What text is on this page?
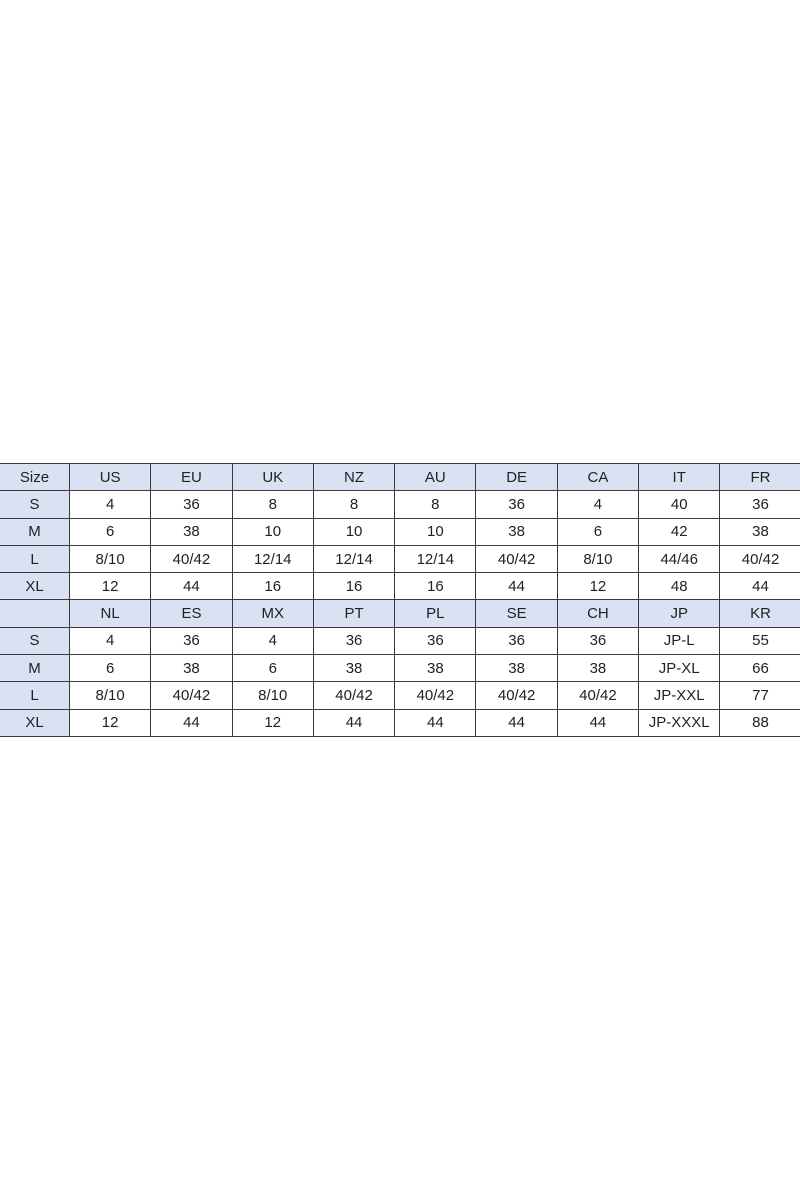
Size	US	EU	UK	NZ	AU	DE	CA	IT	FR
S	4	36	8	8	8	36	4	40	36
M	6	38	10	10	10	38	6	42	38
L	8/10	40/42	12/14	12/14	12/14	40/42	8/10	44/46	40/42
XL	12	44	16	16	16	44	12	48	44
	NL	ES	MX	PT	PL	SE	CH	JP	KR
S	4	36	4	36	36	36	36	JP-L	55
M	6	38	6	38	38	38	38	JP-XL	66
L	8/10	40/42	8/10	40/42	40/42	40/42	40/42	JP-XXL	77
XL	12	44	12	44	44	44	44	JP-XXXL	88
